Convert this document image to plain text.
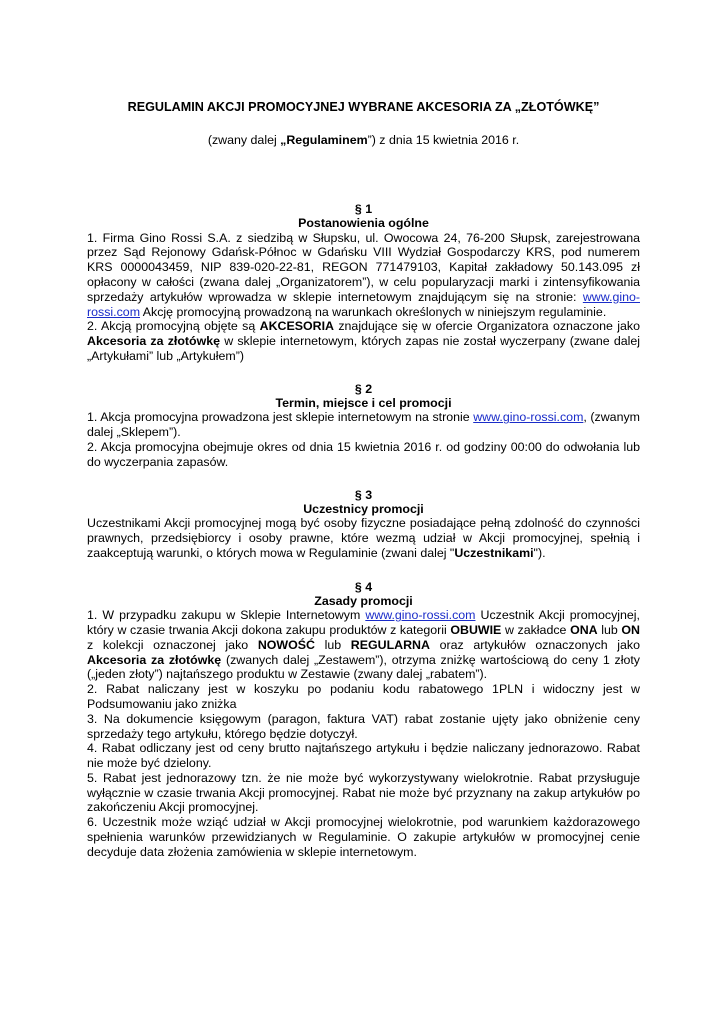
REGULAMIN AKCJI PROMOCYJNEJ WYBRANE AKCESORIA ZA „ZŁOTÓWKĘ”

(zwany dalej „Regulaminem”) z dnia 15 kwietnia 2016 r.

§ 1

Postanowienia ogólne

1. Firma Gino Rossi S.A. z siedzibą w Słupsku, ul. Owocowa 24, 76-200 Słupsk, zarejestrowana przez Sąd Rejonowy Gdańsk-Północ w Gdańsku VIII Wydział Gospodarczy KRS, pod numerem KRS 0000043459, NIP 839-020-22-81, REGON 771479103, Kapitał zakładowy 50.143.095 zł opłacony w całości (zwana dalej „Organizatorem”), w celu popularyzacji marki i zintensyfikowania sprzedaży artykułów wprowadza w sklepie internetowym znajdującym się na stronie: www.gino-rossi.com Akcję promocyjną prowadzoną na warunkach określonych w niniejszym regulaminie.

2. Akcją promocyjną objęte są AKCESORIA znajdujące się w ofercie Organizatora oznaczone jako Akcesoria za złotówkę w sklepie internetowym, których zapas nie został wyczerpany (zwane dalej „Artykułami” lub „Artykułem”)

§ 2

Termin, miejsce i cel promocji

1. Akcja promocyjna prowadzona jest sklepie internetowym na stronie www.gino-rossi.com, (zwanym dalej „Sklepem”).

2. Akcja promocyjna obejmuje okres od dnia 15 kwietnia 2016 r. od godziny 00:00 do odwołania lub do wyczerpania zapasów.

§ 3

Uczestnicy promocji

Uczestnikami Akcji promocyjnej mogą być osoby fizyczne posiadające pełną zdolność do czynności prawnych, przedsiębiorcy i osoby prawne, które wezmą udział w Akcji promocyjnej, spełnią i zaakceptują warunki, o których mowa w Regulaminie (zwani dalej "Uczestnikami").

§ 4

Zasady promocji

1. W przypadku zakupu w Sklepie Internetowym www.gino-rossi.com Uczestnik Akcji promocyjnej, który w czasie trwania Akcji dokona zakupu produktów z kategorii OBUWIE w zakładce ONA lub ON z kolekcji oznaczonej jako NOWOŚĆ lub REGULARNA oraz artykułów oznaczonych jako Akcesoria za złotówkę (zwanych dalej „Zestawem”), otrzyma zniżkę wartościową do ceny 1 złoty („jeden złoty”) najtańszego produktu w Zestawie (zwany dalej „rabatem”).

2. Rabat naliczany jest w koszyku po podaniu kodu rabatowego 1PLN i widoczny jest w Podsumowaniu jako zniżka

3. Na dokumencie księgowym (paragon, faktura VAT) rabat zostanie ujęty jako obniżenie ceny sprzedaży tego artykułu, którego będzie dotyczył.

4. Rabat odliczany jest od ceny brutto najtańszego artykułu i będzie naliczany jednorazowo. Rabat nie może być dzielony.

5. Rabat jest jednorazowy tzn. że nie może być wykorzystywany wielokrotnie. Rabat przysługuje wyłącznie w czasie trwania Akcji promocyjnej. Rabat nie może być przyznany na zakup artykułów po zakończeniu Akcji promocyjnej.

6. Uczestnik może wziąć udział w Akcji promocyjnej wielokrotnie, pod warunkiem każdorazowego spełnienia warunków przewidzianych w Regulaminie. O zakupie artykułów w promocyjnej cenie decyduje data złożenia zamówienia w sklepie internetowym.
